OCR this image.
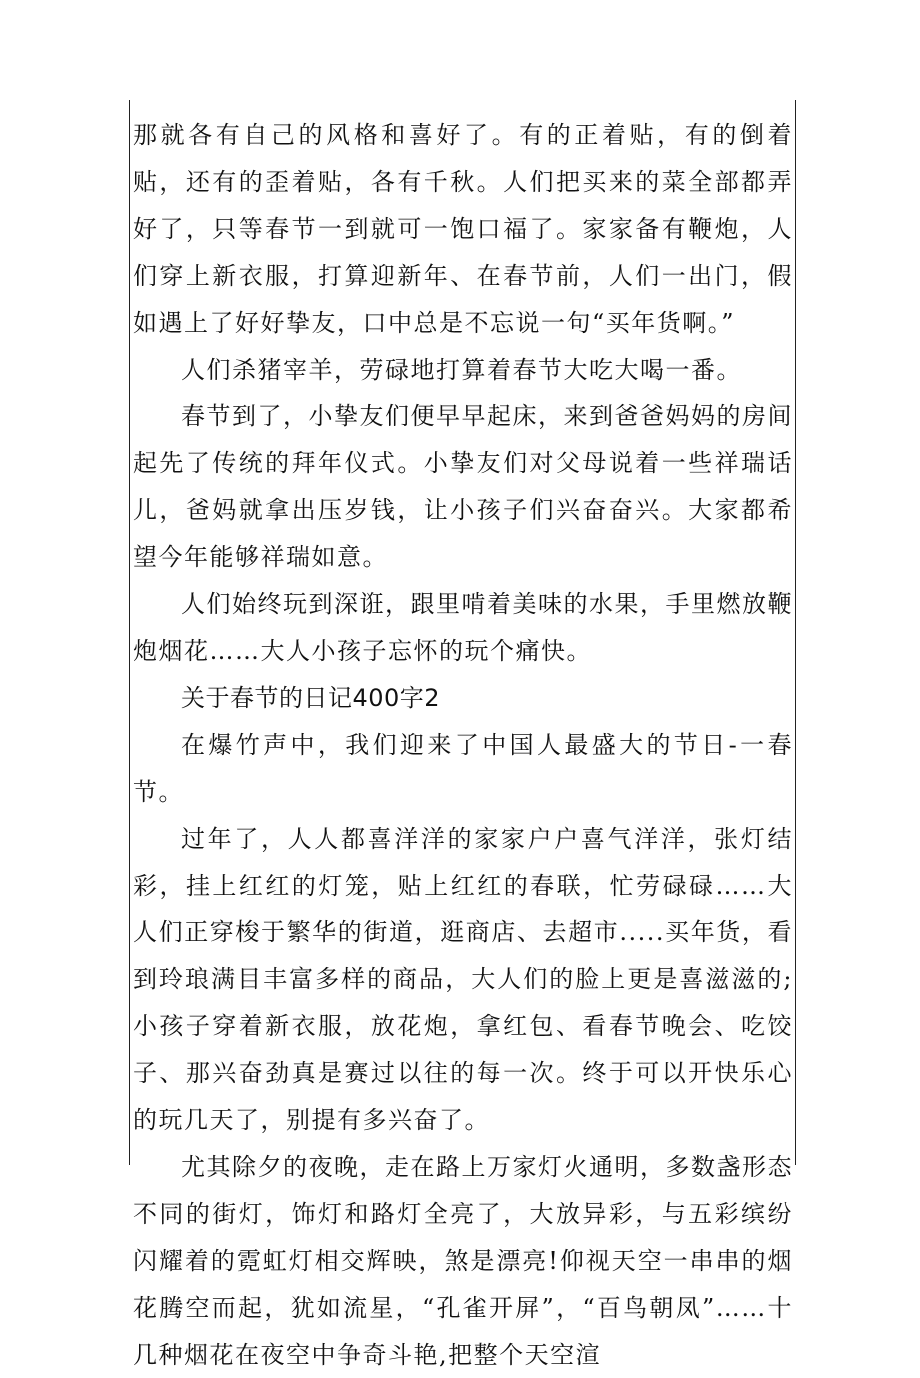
那就各有自己的风格和喜好了。有的正着贴，有的倒着贴，还有的歪着贴，各有千秋。人们把买来的菜全部都弄好了，只等春节一到就可一饱口福了。家家备有鞭炮，人们穿上新衣服，打算迎新年、在春节前，人们一出门，假如遇上了好好挚友，口中总是不忘说一句“买年货啊。”

人们杀猪宰羊，劳碌地打算着春节大吃大喝一番。

春节到了，小挚友们便早早起床，来到爸爸妈妈的房间起先了传统的拜年仪式。小挚友们对父母说着一些祥瑞话儿，爸妈就拿出压岁钱，让小孩子们兴奋奋兴。大家都希望今年能够祥瑞如意。

人们始终玩到深诳，跟里啃着美味的水果，手里燃放鞭炮烟花……大人小孩子忘怀的玩个痛快。

关于春节的日记400字2

在爆竹声中，我们迎来了中国人最盛大的节日-一春节。

过年了，人人都喜洋洋的家家户户喜气洋洋，张灯结彩，挂上红红的灯笼，贴上红红的春联，忙劳碌碌……大人们正穿梭于繁华的街道，逛商店、去超市.....买年货，看到玲琅满目丰富多样的商品，大人们的脸上更是喜滋滋的;小孩子穿着新衣服，放花炮，拿红包、看春节晚会、吃饺子、那兴奋劲真是赛过以往的每一次。终于可以开快乐心的玩几天了，别提有多兴奋了。

尤其除夕的夜晚，走在路上万家灯火通明，多数盏形态不同的街灯，饰灯和路灯全亮了，大放异彩，与五彩缤纷闪耀着的霓虹灯相交辉映，煞是漂亮!仰视天空一串串的烟花腾空而起，犹如流星，“孔雀开屏”，“百鸟朝凤”……十几种烟花在夜空中争奇斗艳,把整个天空渲
